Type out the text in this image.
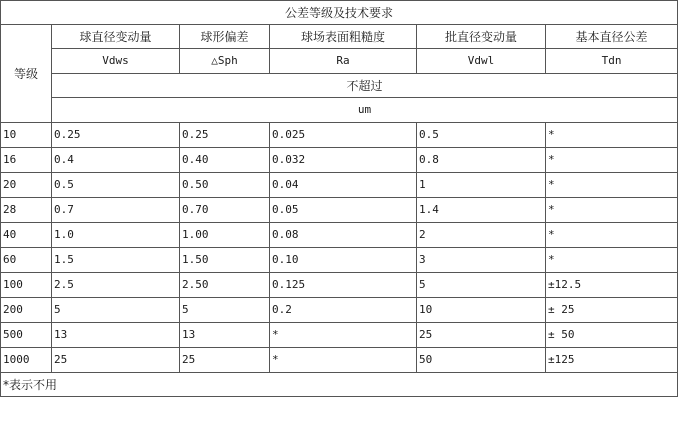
公差等级及技术要求					
等级	球直径变动量	球形偏差	球场表面粗糙度	批直径变动量	基本直径公差
	Vdws	△Sph	Ra	Vdwl	Tdn
	不超过				
	um				
10	0.25	0.25	0.025	0.5	*
16	0.4	0.40	0.032	0.8	*
20	0.5	0.50	0.04	1	*
28	0.7	0.70	0.05	1.4	*
40	1.0	1.00	0.08	2	*
60	1.5	1.50	0.10	3	*
100	2.5	2.50	0.125	5	±12.5
200	5	5	0.2	10	± 25
500	13	13	*	25	± 50
1000	25	25	*	50	±125
*表示不用					
